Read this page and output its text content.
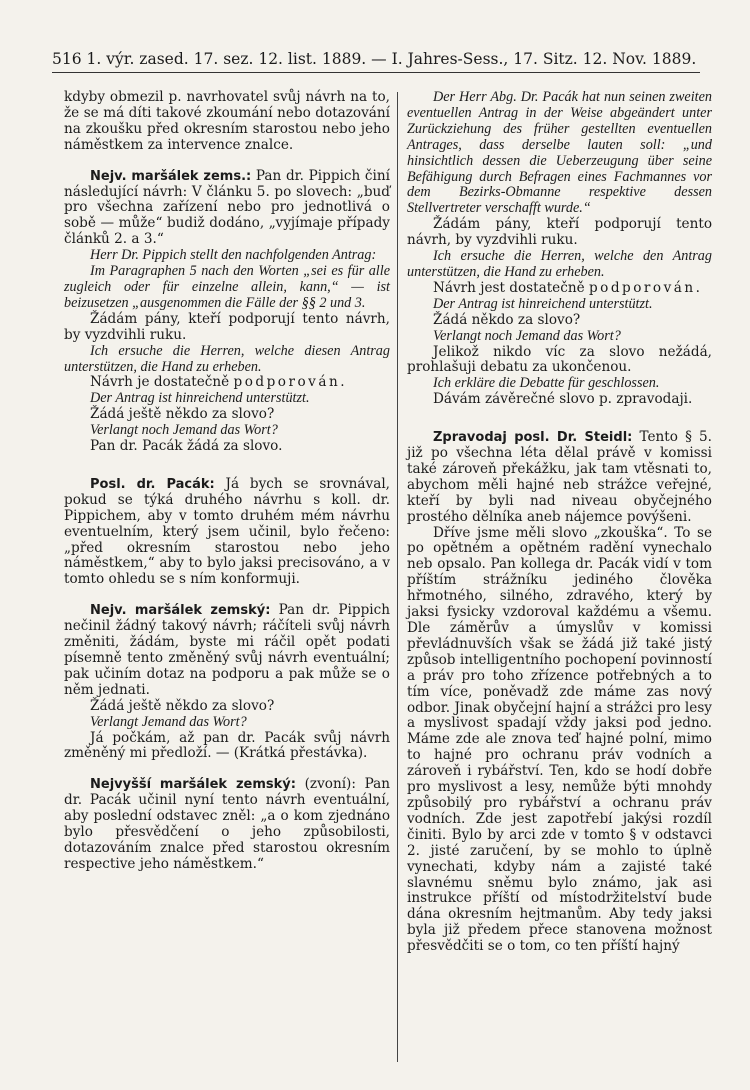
516 1. výr. zased. 17. sez. 12. list. 1889. — I. Jahres-Sess., 17. Sitz. 12. Nov. 1889.

kdyby obmezil p. navrhovatel svůj návrh na to, že se má díti takové zkoumání nebo dotazování na zkoušku před okresním starostou nebo jeho náměstkem za intervence znalce.

Nejv. maršálek zems.: Pan dr. Pippich činí následující návrh: V článku 5. po slovech: „buď pro všechna zařízení nebo pro jednotlivá o sobě — může“ budiž dodáno, „vyjímaje případy článků 2. a 3.“

Herr Dr. Pippich stellt den nachfolgenden Antrag:

Im Paragraphen 5 nach den Worten „sei es für alle zugleich oder für einzelne allein, kann,“ — ist beizusetzen „ausgenommen die Fälle der §§ 2 und 3.

Žádám pány, kteří podporují tento návrh, by vyzdvihli ruku.

Ich ersuche die Herren, welche diesen Antrag unterstützen, die Hand zu erheben.

Návrh je dostatečně podporován.

Der Antrag ist hinreichend unterstützt.

Žádá ještě někdo za slovo?

Verlangt noch Jemand das Wort?

Pan dr. Pacák žádá za slovo.

Posl. dr. Pacák: Já bych se srovnával, pokud se týká druhého návrhu s koll. dr. Pippichem, aby v tomto druhém mém návrhu eventuelním, který jsem učinil, bylo řečeno: „před okresním starostou nebo jeho náměstkem,“ aby to bylo jaksi precisováno, a v tomto ohledu se s ním konformuji.

Nejv. maršálek zemský: Pan dr. Pippich nečinil žádný takový návrh; ráčíteli svůj návrh změniti, žádám, byste mi ráčil opět podati písemně tento změněný svůj návrh eventuální; pak učiním dotaz na podporu a pak může se o něm jednati.

Žádá ještě někdo za slovo?

Verlangt Jemand das Wort?

Já počkám, až pan dr. Pacák svůj návrh změněný mi předloží. — (Krátká přestávka).

Nejvyšší maršálek zemský: (zvoní): Pan dr. Pacák učinil nyní tento návrh eventuální, aby poslední odstavec zněl: „a o kom zjednáno bylo přesvědčení o jeho způsobilosti, dotazováním znalce před starostou okresním respective jeho náměstkem.“

Der Herr Abg. Dr. Pacák hat nun seinen zweiten eventuellen Antrag in der Weise abgeändert unter Zurückziehung des früher gestellten eventuellen Antrages, dass derselbe lauten soll: „und hinsichtlich dessen die Ueberzeugung über seine Befähigung durch Befragen eines Fachmannes vor dem Bezirks-Obmanne respektive dessen Stellvertreter verschafft wurde.“

Žádám pány, kteří podporují tento návrh, by vyzdvihli ruku.

Ich ersuche die Herren, welche den Antrag unterstützen, die Hand zu erheben.

Návrh jest dostatečně podporován.

Der Antrag ist hinreichend unterstützt.

Žádá někdo za slovo?

Verlangt noch Jemand das Wort?

Jelikož nikdo víc za slovo nežádá, prohlašuji debatu za ukončenou.

Ich erkläre die Debatte für geschlossen.

Dávám závěrečné slovo p. zpravodaji.

Zpravodaj posl. Dr. Steidl: Tento § 5. již po všechna léta dělal právě v komissi také zároveň překážku, jak tam vtěsnati to, abychom měli hajné neb strážce veřejné, kteří by byli nad niveau obyčejného prostého dělníka aneb nájemce povýšeni.

Dříve jsme měli slovo „zkouška“. To se po opětném a opětném radění vynechalo neb opsalo. Pan kollega dr. Pacák vidí v tom příštím strážníku jediného člověka hřmotného, silného, zdravého, který by jaksi fysicky vzdoroval každému a všemu. Dle záměrův a úmyslův v komissi převládnuvších však se žádá již také jistý způsob intelligentního pochopení povinností a práv pro toho zřízence potřebných a to tím více, poněvadž zde máme zas nový odbor. Jinak obyčejní hajní a strážci pro lesy a myslivost spadají vždy jaksi pod jedno. Máme zde ale znova teď hajné polní, mimo to hajné pro ochranu práv vodních a zároveň i rybářství. Ten, kdo se hodí dobře pro myslivost a lesy, nemůže býti mnohdy způsobilý pro rybářství a ochranu práv vodních. Zde jest zapotřebí jakýsi rozdíl činiti. Bylo by arci zde v tomto § v odstavci 2. jisté zaručení, by se mohlo to úplně vynechati, kdyby nám a zajisté také slavnému sněmu bylo známo, jak asi instrukce příští od místodržitelství bude dána okresním hejtmanům. Aby tedy jaksi byla již předem přece stanovena možnost přesvědčiti se o tom, co ten příští hajný
